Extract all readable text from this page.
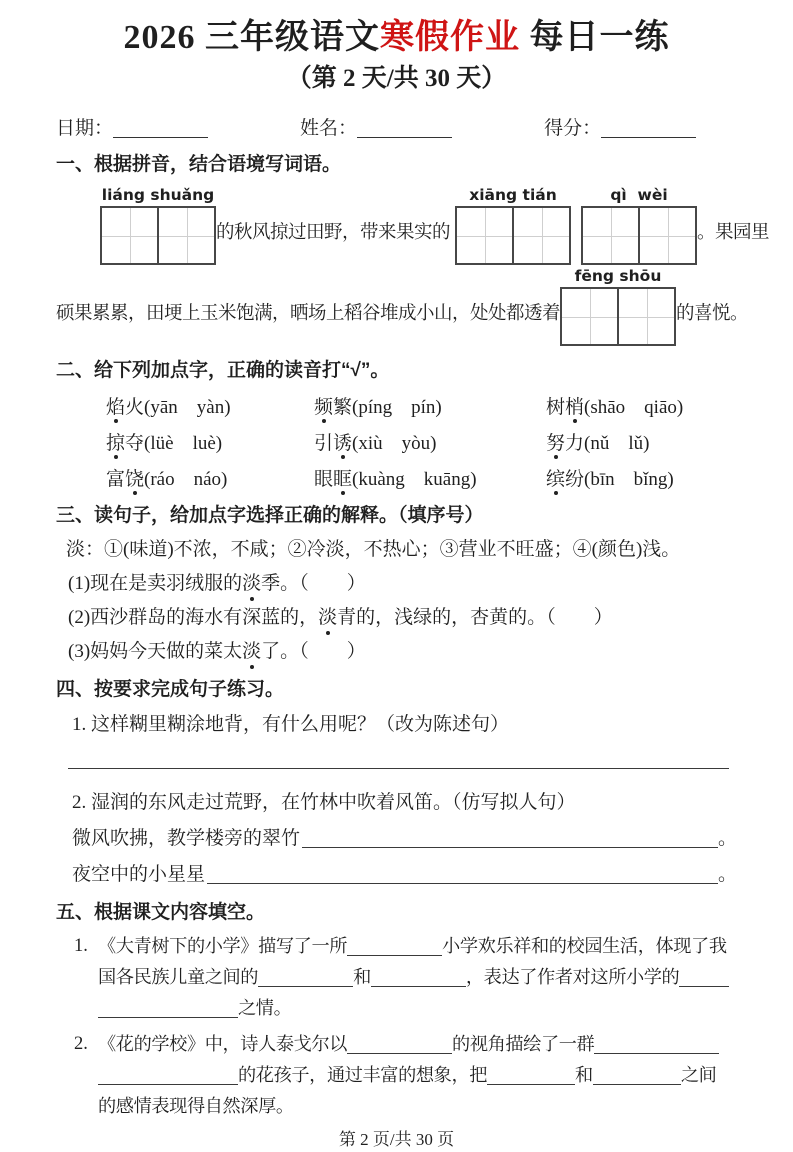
2026 三年级语文寒假作业 每日一练
（第 2 天/共 30 天）
日期：	姓名：	得分：
一、根据拼音，结合语境写词语。
liáng shuǎng
的秋风掠过田野，带来果实的
xiāng tián	qì  wèi
。果园里
硕果累累，田埂上玉米饱满，晒场上稻谷堆成小山，处处都透着
fēng shōu
的喜悦。
二、给下列加点字，正确的读音打“√”。
焰火(yān　yàn)	频繁(píng　pín)	树梢(shāo　qiāo)
掠夺(lüè　luè)	引诱(xiù　yòu)	努力(nǔ　lǔ)
富饶(ráo　náo)	眼眶(kuàng　kuāng)	缤纷(bīn　bǐng)
三、读句子，给加点字选择正确的解释。（填序号）
淡：①(味道)不浓，不咸；②冷淡，不热心；③营业不旺盛；④(颜色)浅。
(1)现在是卖羽绒服的淡季。（　　）
(2)西沙群岛的海水有深蓝的，淡青的，浅绿的，杏黄的。（　　）
(3)妈妈今天做的菜太淡了。（　　）
四、按要求完成句子练习。
1. 这样糊里糊涂地背，有什么用呢？（改为陈述句）
2. 湿润的东风走过荒野，在竹林中吹着风笛。（仿写拟人句）
微风吹拂，教学楼旁的翠竹	。
夜空中的小星星	。
五、根据课文内容填空。
1. 《大青树下的小学》描写了一所	小学欢乐祥和的校园生活，体现了我
国各民族儿童之间的	和	，表达了作者对这所小学的
之情。
2. 《花的学校》中，诗人泰戈尔以	的视角描绘了一群
的花孩子，通过丰富的想象，把	和	之间
的感情表现得自然深厚。
第 2 页/共 30 页
